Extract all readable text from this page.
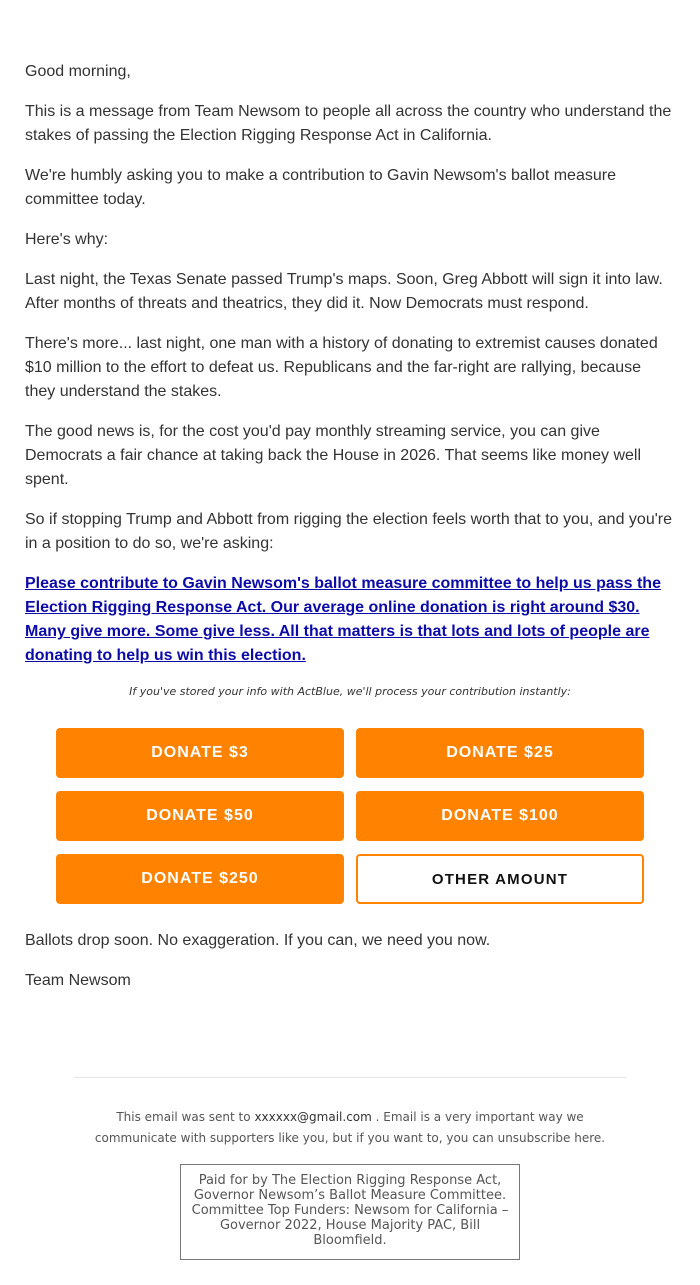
Good morning,

This is a message from Team Newsom to people all across the country who understand the stakes of passing the Election Rigging Response Act in California.

We're humbly asking you to make a contribution to Gavin Newsom's ballot measure committee today.

Here's why:

Last night, the Texas Senate passed Trump's maps. Soon, Greg Abbott will sign it into law. After months of threats and theatrics, they did it. Now Democrats must respond.

There's more... last night, one man with a history of donating to extremist causes donated $10 million to the effort to defeat us. Republicans and the far-right are rallying, because they understand the stakes.

The good news is, for the cost you'd pay monthly streaming service, you can give Democrats a fair chance at taking back the House in 2026. That seems like money well spent.

So if stopping Trump and Abbott from rigging the election feels worth that to you, and you're in a position to do so, we're asking:

Please contribute to Gavin Newsom's ballot measure committee to help us pass the Election Rigging Response Act. Our average online donation is right around $30. Many give more. Some give less. All that matters is that lots and lots of people are donating to help us win this election.

If you've stored your info with ActBlue, we'll process your contribution instantly:

DONATE $3	DONATE $25
DONATE $50	DONATE $100
DONATE $250	OTHER AMOUNT

Ballots drop soon. No exaggeration. If you can, we need you now.

Team Newsom

This email was sent to xxxxxx@gmail.com . Email is a very important way we communicate with supporters like you, but if you want to, you can unsubscribe here.
Paid for by The Election Rigging Response Act, Governor Newsom’s Ballot Measure Committee. Committee Top Funders: Newsom for California – Governor 2022, House Majority PAC, Bill Bloomfield.
